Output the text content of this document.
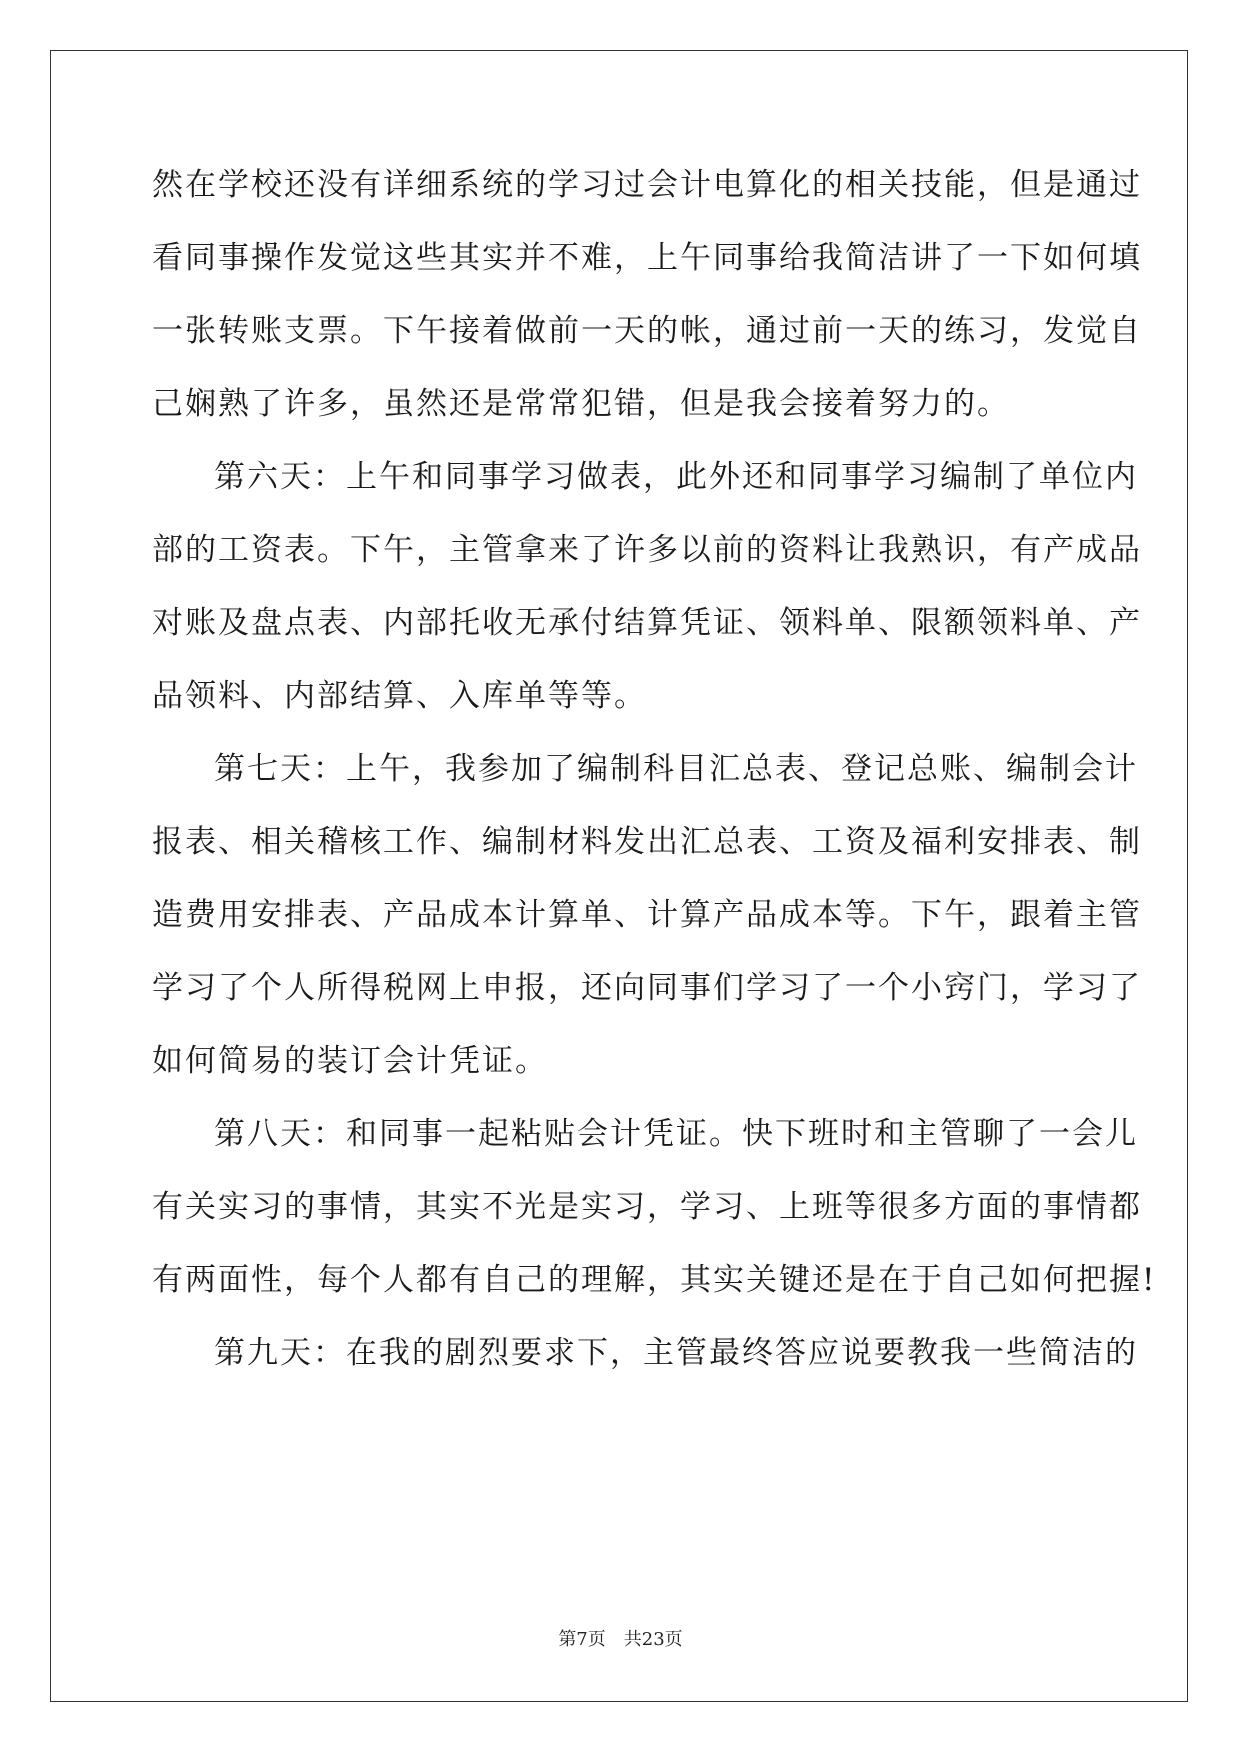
然在学校还没有详细系统的学习过会计电算化的相关技能，但是通过
看同事操作发觉这些其实并不难，上午同事给我简洁讲了一下如何填
一张转账支票。下午接着做前一天的帐，通过前一天的练习，发觉自
己娴熟了许多，虽然还是常常犯错，但是我会接着努力的。
第六天：上午和同事学习做表，此外还和同事学习编制了单位内
部的工资表。下午，主管拿来了许多以前的资料让我熟识，有产成品
对账及盘点表、内部托收无承付结算凭证、领料单、限额领料单、产
品领料、内部结算、入库单等等。
第七天：上午，我参加了编制科目汇总表、登记总账、编制会计
报表、相关稽核工作、编制材料发出汇总表、工资及福利安排表、制
造费用安排表、产品成本计算单、计算产品成本等。下午，跟着主管
学习了个人所得税网上申报，还向同事们学习了一个小窍门，学习了
如何简易的装订会计凭证。
第八天：和同事一起粘贴会计凭证。快下班时和主管聊了一会儿
有关实习的事情，其实不光是实习，学习、上班等很多方面的事情都
有两面性，每个人都有自己的理解，其实关键还是在于自己如何把握!
第九天：在我的剧烈要求下，主管最终答应说要教我一些简洁的
第7页　共23页
